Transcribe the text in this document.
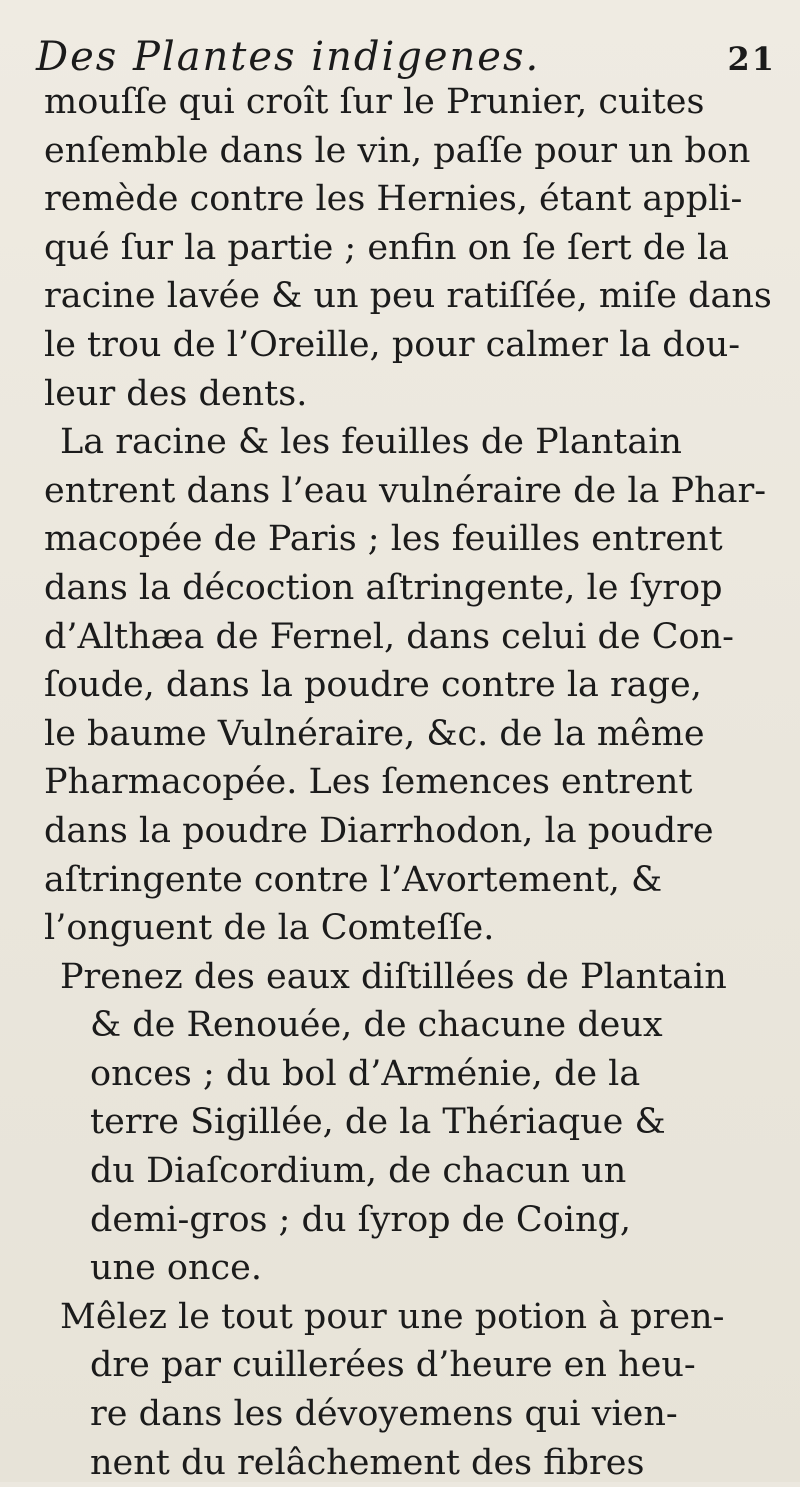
Des Plantes indigenes.	21
mouſſe qui croît ſur le Prunier, cuites
enſemble dans le vin, paſſe pour un bon
remède contre les Hernies, étant appli-
qué ſur la partie ; enfin on ſe ſert de la
racine lavée & un peu ratiſſée, miſe dans
le trou de l’Oreille, pour calmer la dou-
leur des dents.
La racine & les feuilles de Plantain
entrent dans l’eau vulnéraire de la Phar-
macopée de Paris ; les feuilles entrent
dans la décoction aſtringente, le ſyrop
d’Althæa de Fernel, dans celui de Con-
ſoude, dans la poudre contre la rage,
le baume Vulnéraire, &c. de la même
Pharmacopée. Les ſemences entrent
dans la poudre Diarrhodon, la poudre
aſtringente contre l’Avortement, &
l’onguent de la Comteſſe.
Prenez des eaux diſtillées de Plantain
& de Renouée, de chacune deux
onces ; du bol d’Arménie, de la
terre Sigillée, de la Thériaque &
du Diaſcordium, de chacun un
demi-gros ; du ſyrop de Coing,
une once.
Mêlez le tout pour une potion à pren-
dre par cuillerées d’heure en heu-
re dans les dévoyemens qui vien-
nent du relâchement des fibres
